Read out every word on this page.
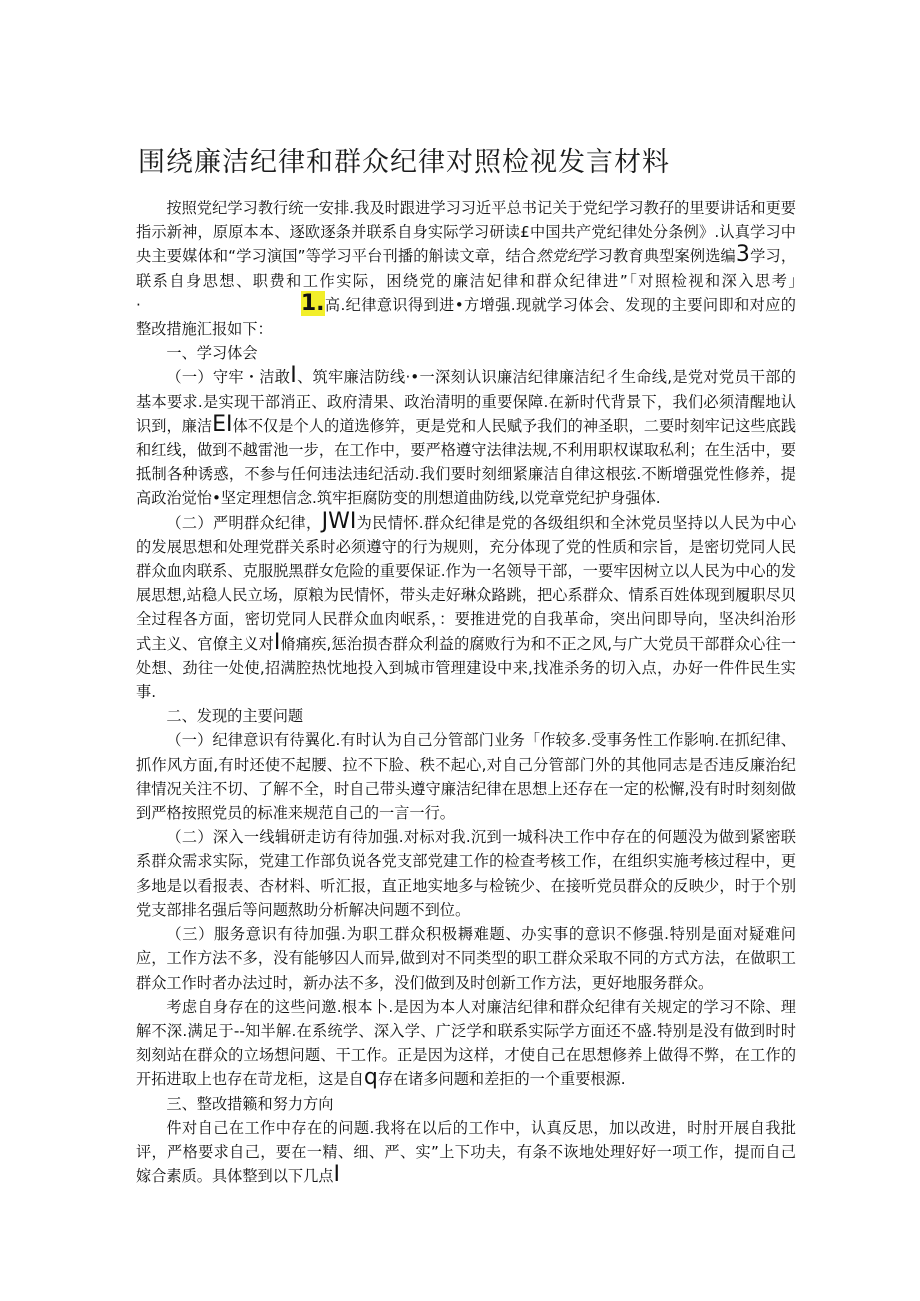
围绕廉洁纪律和群众纪律对照检视发言材料

按照党纪学习教行统一安排.我及时跟进学习习近平总书记关于党纪学习教孖的里要讲话和更要指示新神，原原本本、逐欧逐条并联系自身实际学习研读£中国共产党纪律处分条例》.认真学习中央主要媒体和“学习演国”等学习平台刊播的斛读文章，结合然党纪学习教育典型案例选编3学习，联系自身思想、职费和工作实际，困绕党的廉洁妃律和群众纪律进”「对照检视和深入思考」·	1.高.纪律意识得到进•方增强.现就学习体会、发现的主要问即和对应的整改措施汇报如下：

一、学习体会

（一）守牢・洁敢I、筑牢廉洁防线·•一深刻认识廉洁纪律廉洁纪彳生命线,是党对党员干部的基本要求.是实现干部消正、政府清果、政治清明的重要保障.在新时代背景下，我们必须清醒地认识到，廉洁EI体不仅是个人的道选修笄，更是党和人民赋予我们的神圣职，二要时刻牢记这些底践和红线，做到不越雷池一步，在工作中，要严格遵守法律法规,不利用职权谋取私利；在生活中，要抵制各种诱惑，不参与任何违法违纪活动.我们要时刻细紧廉洁自律这根弦.不断增强党性修养，提高政治觉怡•坚定理想信念.筑牢拒腐防变的刖想道曲防线,以党章党纪护身强体.

（二）严明群众纪律，JWI为民情怀.群众纪律是党的各级组织和全沐党员坚持以人民为中心的发展思想和处理党群关系时必须遵守的行为规则，充分体现了党的性质和宗旨，是密切党同人民群众血肉联系、克服脱黑群女危险的重要保证.作为一名领导干部，一要牢因树立以人民为中心的发展思想,站稳人民立场，原粮为民情怀，带头走好琳众路跳，把心系群众、情系百姓体现到履职尽贝全过程各方面，密切党同人民群众血肉岷系，：要推进党的自我革命，突出问即导向，坚决纠治形式主义、官僚主义对I脩痛疾,惩治损杏群众利益的腐败行为和不正之风,与广大党员干部群众心往一处想、劲往一处使,招满腔热忱地投入到城市管理建设中来,找准杀务的切入点，办好一件件民生实事.

二、发现的主要问题

（一）纪律意识有待翼化.有时认为自己分管部门业务「作较多.受事务性工作影响.在抓纪律、抓作风方面,有时还使不起腰、拉不下脸、秩不起心,对自己分管部门外的其他同志是否违反廉治纪律情况关注不切、了解不全，时自己带头遵守廉洁纪律在思想上还存在一定的松懈,没有时时刻刻做到严格按照党员的标准来规范自己的一言一行。

（二）深入一线辑研走访有待加强.对标对我.沉到一城科决工作中存在的何题没为做到紧密联系群众需求实际，党建工作部负说各党支部党建工作的检查考核工作，在组织实施考核过程中，更多地是以看报表、杏材料、听汇报，直正地实地多与检铳少、在接听党员群众的反映少，时于个别党支部排名强后等问题熬助分析解决问题不到位。

（三）服务意识有待加强.为职工群众积极耨难题、办实事的意识不修强.特别是面对疑难问应，工作方法不多，没有能够囚人而异,做到对不同类型的职工群众采取不同的方式方法，在做职工群众工作时者办法过时，新办法不多，没们做到及时创新工作方法，更好地服务群众。

考虑自身存在的这些问邀.根本卜.是因为本人对廉洁纪律和群众纪律有关规定的学习不除、理解不深.满足于--知半解.在系统学、深入学、广泛学和联系实际学方面还不盛.特别是没有做到时时刻刻站在群众的立场想问题、干工作。正是因为这样，才使自己在思想修养上做得不弊，在工作的开拓进取上也存在苛龙柜，这是自q存在诸多问题和差拒的一个重要根源.

三、整改措籁和努力方向

件对自己在工作中存在的问题.我将在以后的工作中，认真反思，加以改进，时肘开展自我批评，严格要求自己，要在一精、细、严、实”上下功夫，有条不诙地处理好好一项工作，提而自己嫁合素质。具体整到以下几点I
